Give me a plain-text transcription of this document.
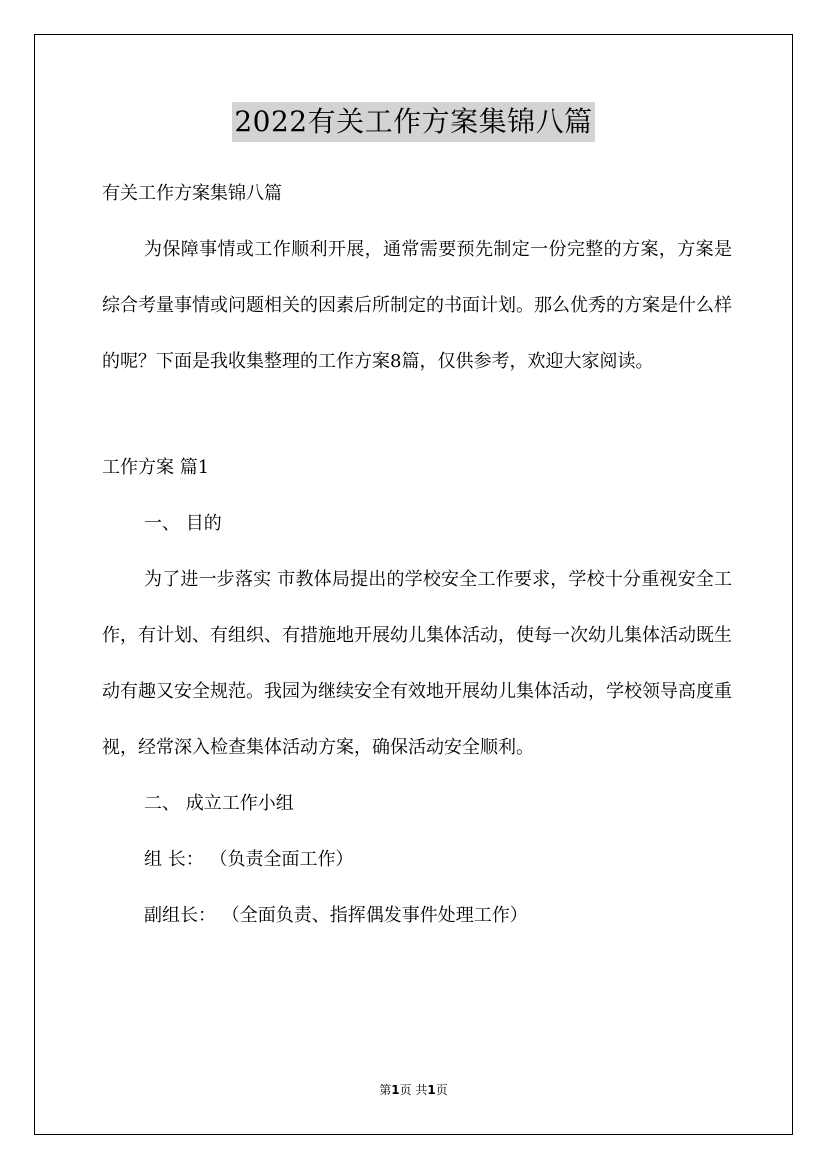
2022有关工作方案集锦八篇

有关工作方案集锦八篇

为保障事情或工作顺利开展，通常需要预先制定一份完整的方案，方案是综合考量事情或问题相关的因素后所制定的书面计划。那么优秀的方案是什么样的呢？下面是我收集整理的工作方案8篇，仅供参考，欢迎大家阅读。

工作方案 篇1

一、 目的

为了进一步落实 市教体局提出的学校安全工作要求，学校十分重视安全工作，有计划、有组织、有措施地开展幼儿集体活动，使每一次幼儿集体活动既生动有趣又安全规范。我园为继续安全有效地开展幼儿集体活动，学校领导高度重视，经常深入检查集体活动方案，确保活动安全顺利。

二、 成立工作小组

组 长： （负责全面工作）

副组长： （全面负责、指挥偶发事件处理工作）

第1页 共1页
